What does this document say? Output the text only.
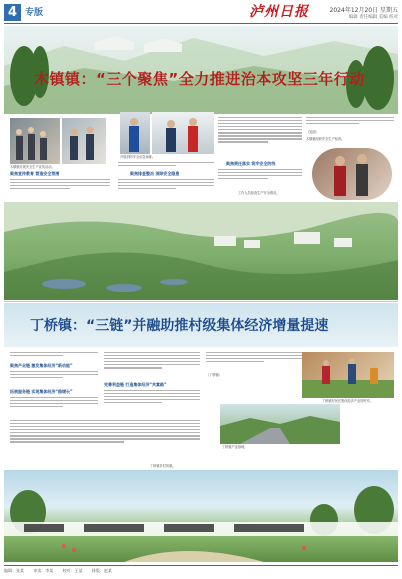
4 专版	泸州日报	2024年12月20日 星期五
编辑 责任编辑 美编 校对
木镇镇：“三个聚焦”全力推进治本攻坚三年行动
木镇镇开展安全生产宣传活动。
开展消防安全应急演练。
聚焦宣传教育 营造安全氛围	聚焦排查整治 消除安全隐患
聚焦责任落实 筑牢安全防线
（吴丽）
木镇镇组织安全生产检查。
工作人员检查生产安全情况。
丁桥镇：“三链”并融助推村级集体经济增量提速
聚焦产业链 激发集体经济“新动能”
拓展服务链 实现集体经济“稳增长”
完善利益链 打造集体经济“共富路”
（丁桥镇）
丁桥镇村民在集体经济产业园劳作。
丁桥镇产业基地。
丁桥镇乡村风貌。
编辑：张某 审读：李某 校对：王某 排版：赵某
